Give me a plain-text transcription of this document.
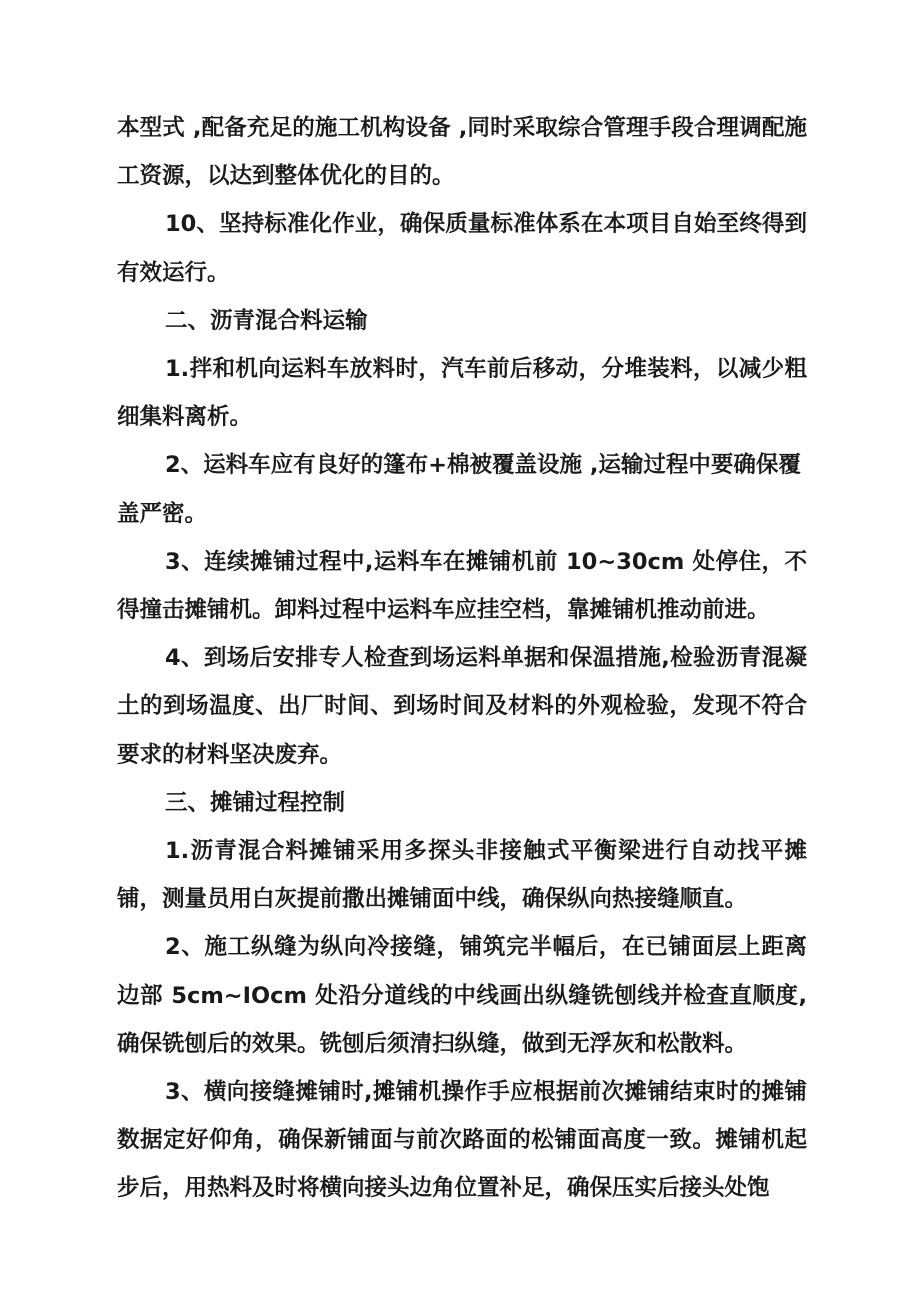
本型式 ,配备充足的施工机构设备 ,同时采取综合管理手段合理调配施工资源，以达到整体优化的目的。

10、坚持标准化作业，确保质量标准体系在本项目自始至终得到有效运行。

二、沥青混合料运输

1.拌和机向运料车放料时，汽车前后移动，分堆装料，以减少粗细集料离析。

2、运料车应有良好的篷布+棉被覆盖设施 ,运输过程中要确保覆盖严密。

3、连续摊铺过程中,运料车在摊铺机前 10~30cm 处停住，不得撞击摊铺机。卸料过程中运料车应挂空档，靠摊铺机推动前进。

4、到场后安排专人检查到场运料单据和保温措施,检验沥青混凝土的到场温度、出厂时间、到场时间及材料的外观检验，发现不符合要求的材料坚决废弃。

三、摊铺过程控制

1.沥青混合料摊铺采用多探头非接触式平衡梁进行自动找平摊铺，测量员用白灰提前撒出摊铺面中线，确保纵向热接缝顺直。

2、施工纵缝为纵向冷接缝，铺筑完半幅后，在已铺面层上距离边部 5cm~IOcm 处沿分道线的中线画出纵缝铣刨线并检查直顺度,确保铣刨后的效果。铣刨后须清扫纵缝，做到无浮灰和松散料。

3、横向接缝摊铺时,摊铺机操作手应根据前次摊铺结束时的摊铺数据定好仰角，确保新铺面与前次路面的松铺面高度一致。摊铺机起步后，用热料及时将横向接头边角位置补足，确保压实后接头处饱
